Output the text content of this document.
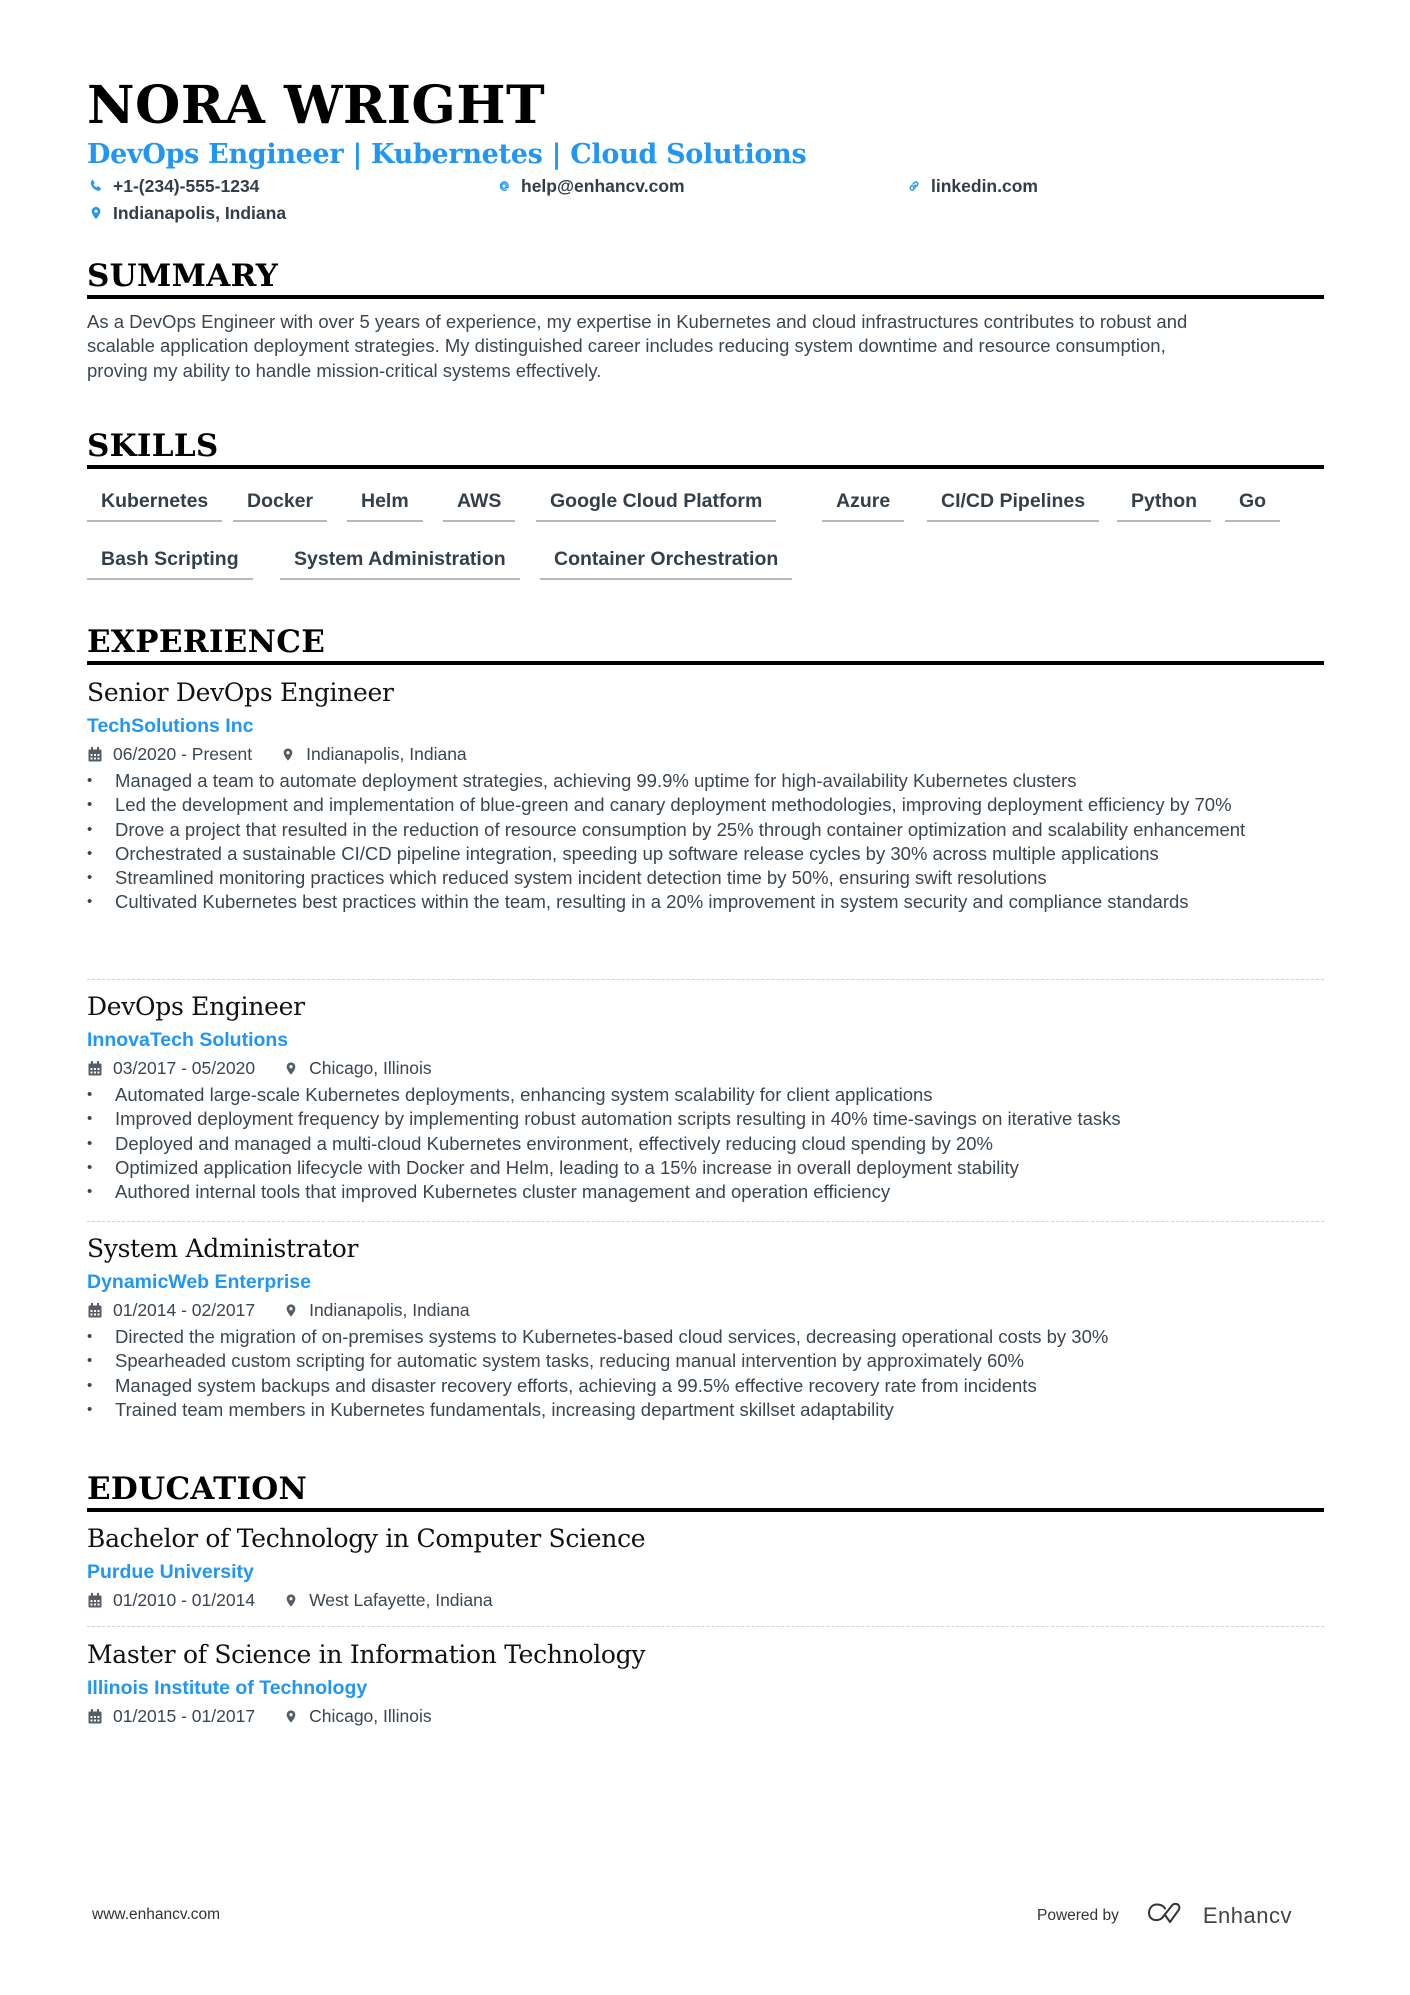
NORA WRIGHT
DevOps Engineer | Kubernetes | Cloud Solutions
+1-(234)-555-1234	help@enhancv.com	linkedin.com
Indianapolis, Indiana
SUMMARY
As a DevOps Engineer with over 5 years of experience, my expertise in Kubernetes and cloud infrastructures contributes to robust and
scalable application deployment strategies. My distinguished career includes reducing system downtime and resource consumption,
proving my ability to handle mission-critical systems effectively.
SKILLS
Kubernetes	Docker	Helm	AWS	Google Cloud Platform	Azure	CI/CD Pipelines	Python	Go
Bash Scripting	System Administration	Container Orchestration
EXPERIENCE
Senior DevOps Engineer
TechSolutions Inc
06/2020 - Present	Indianapolis, Indiana
• Managed a team to automate deployment strategies, achieving 99.9% uptime for high-availability Kubernetes clusters
• Led the development and implementation of blue-green and canary deployment methodologies, improving deployment efficiency by 70%
• Drove a project that resulted in the reduction of resource consumption by 25% through container optimization and scalability enhancement
• Orchestrated a sustainable CI/CD pipeline integration, speeding up software release cycles by 30% across multiple applications
• Streamlined monitoring practices which reduced system incident detection time by 50%, ensuring swift resolutions
• Cultivated Kubernetes best practices within the team, resulting in a 20% improvement in system security and compliance standards
DevOps Engineer
InnovaTech Solutions
03/2017 - 05/2020	Chicago, Illinois
• Automated large-scale Kubernetes deployments, enhancing system scalability for client applications
• Improved deployment frequency by implementing robust automation scripts resulting in 40% time-savings on iterative tasks
• Deployed and managed a multi-cloud Kubernetes environment, effectively reducing cloud spending by 20%
• Optimized application lifecycle with Docker and Helm, leading to a 15% increase in overall deployment stability
• Authored internal tools that improved Kubernetes cluster management and operation efficiency
System Administrator
DynamicWeb Enterprise
01/2014 - 02/2017	Indianapolis, Indiana
• Directed the migration of on-premises systems to Kubernetes-based cloud services, decreasing operational costs by 30%
• Spearheaded custom scripting for automatic system tasks, reducing manual intervention by approximately 60%
• Managed system backups and disaster recovery efforts, achieving a 99.5% effective recovery rate from incidents
• Trained team members in Kubernetes fundamentals, increasing department skillset adaptability
EDUCATION
Bachelor of Technology in Computer Science
Purdue University
01/2010 - 01/2014	West Lafayette, Indiana
Master of Science in Information Technology
Illinois Institute of Technology
01/2015 - 01/2017	Chicago, Illinois
www.enhancv.com	Powered by	Enhancv
